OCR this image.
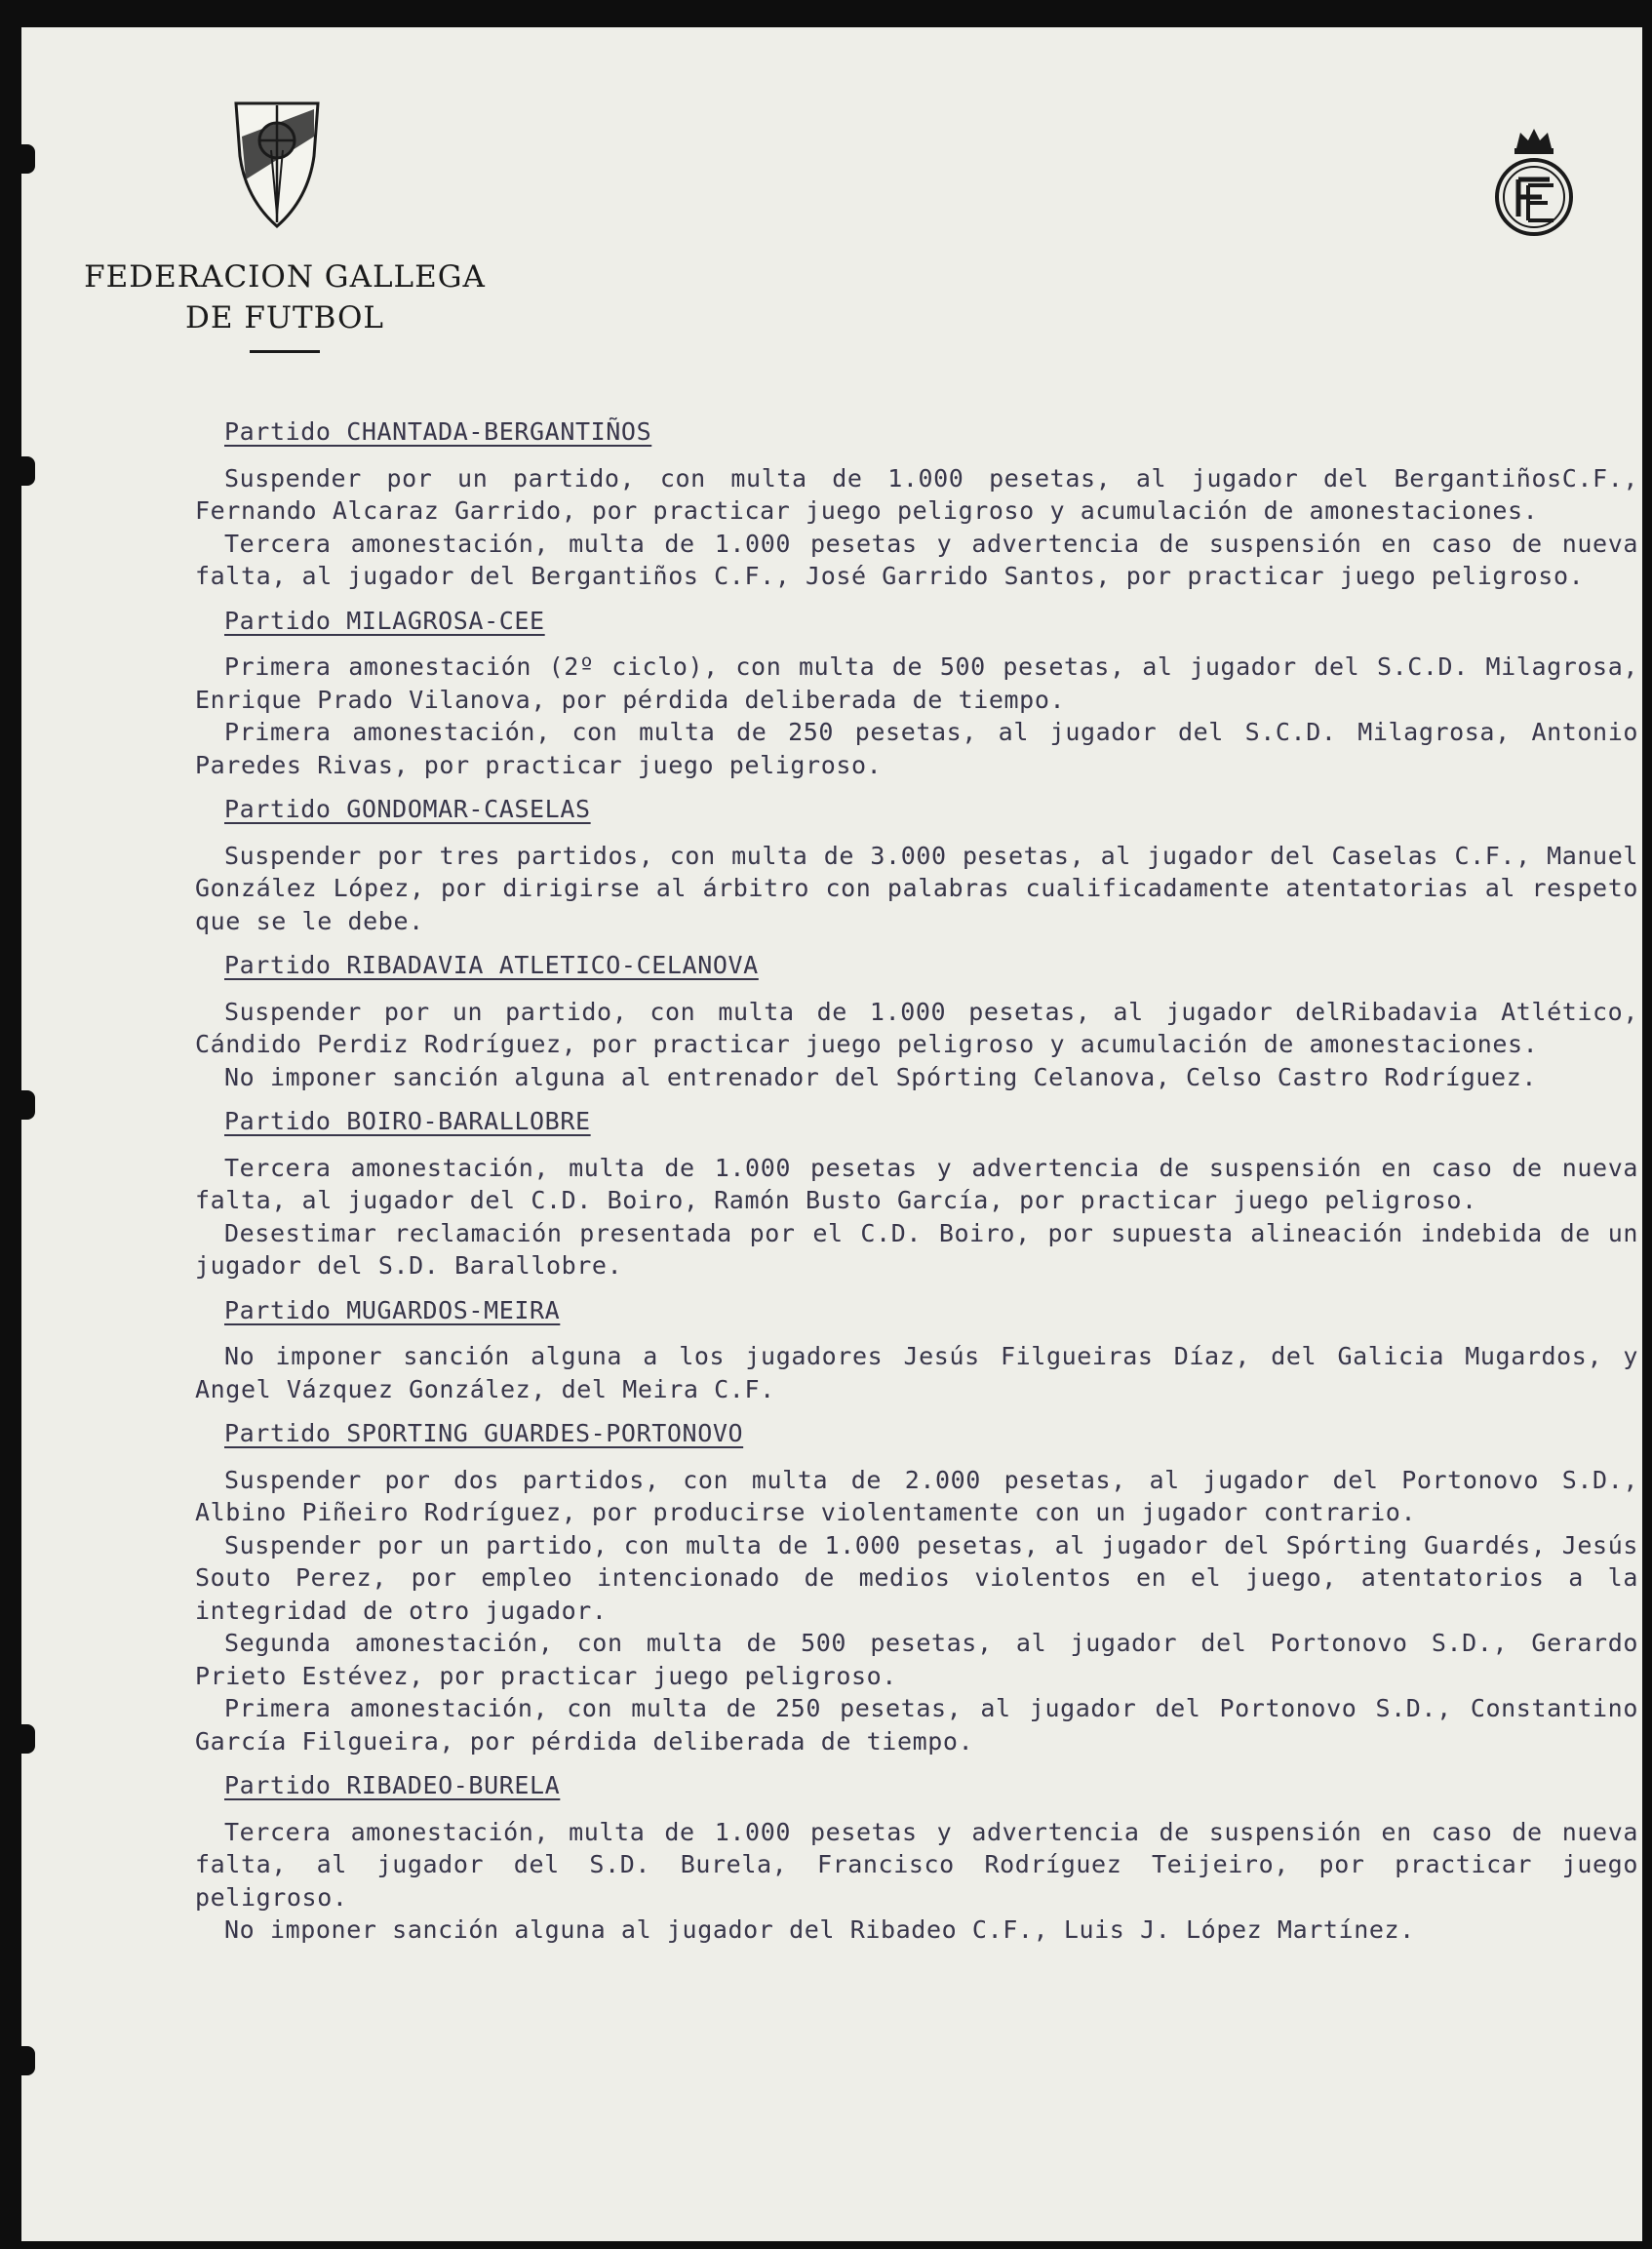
FEDERACION GALLEGA
DE FUTBOL
Partido CHANTADA-BERGANTIÑOS

Suspender por un partido, con multa de 1.000 pesetas, al jugador del BergantiñosC.F., Fernando Alcaraz Garrido, por practicar juego peligroso y acumulación de amonestaciones.

Tercera amonestación, multa de 1.000 pesetas y advertencia de suspensión en caso de nueva falta, al jugador del Bergantiños C.F., José Garrido Santos, por practicar juego peligroso.

Partido MILAGROSA-CEE

Primera amonestación (2º ciclo), con multa de 500 pesetas, al jugador del S.C.D. Milagrosa, Enrique Prado Vilanova, por pérdida deliberada de tiempo.

Primera amonestación, con multa de 250 pesetas, al jugador del S.C.D. Milagrosa, Antonio Paredes Rivas, por practicar juego peligroso.

Partido GONDOMAR-CASELAS

Suspender por tres partidos, con multa de 3.000 pesetas, al jugador del Caselas C.F., Manuel González López, por dirigirse al árbitro con palabras cualificadamente atentatorias al respeto que se le debe.

Partido RIBADAVIA ATLETICO-CELANOVA

Suspender por un partido, con multa de 1.000 pesetas, al jugador delRibadavia Atlético, Cándido Perdiz Rodríguez, por practicar juego peligroso y acumulación de amonestaciones.

No imponer sanción alguna al entrenador del Spórting Celanova, Celso Castro Rodríguez.

Partido BOIRO-BARALLOBRE

Tercera amonestación, multa de 1.000 pesetas y advertencia de suspensión en caso de nueva falta, al jugador del C.D. Boiro, Ramón Busto García, por practicar juego peligroso.

Desestimar reclamación presentada por el C.D. Boiro, por supuesta alineación indebida de un jugador del S.D. Barallobre.

Partido MUGARDOS-MEIRA

No imponer sanción alguna a los jugadores Jesús Filgueiras Díaz, del Galicia Mugardos, y Angel Vázquez González, del Meira C.F.

Partido SPORTING GUARDES-PORTONOVO

Suspender por dos partidos, con multa de 2.000 pesetas, al jugador del Portonovo S.D., Albino Piñeiro Rodríguez, por producirse violentamente con un jugador contrario.

Suspender por un partido, con multa de 1.000 pesetas, al jugador del Spórting Guardés, Jesús Souto Perez, por empleo intencionado de medios violentos en el juego, atentatorios a la integridad de otro jugador.

Segunda amonestación, con multa de 500 pesetas, al jugador del Portonovo S.D., Gerardo Prieto Estévez, por practicar juego peligroso.

Primera amonestación, con multa de 250 pesetas, al jugador del Portonovo S.D., Constantino García Filgueira, por pérdida deliberada de tiempo.

Partido RIBADEO-BURELA

Tercera amonestación, multa de 1.000 pesetas y advertencia de suspensión en caso de nueva falta, al jugador del S.D. Burela, Francisco Rodríguez Teijeiro, por practicar juego peligroso.

No imponer sanción alguna al jugador del Ribadeo C.F., Luis J. López Martínez.
